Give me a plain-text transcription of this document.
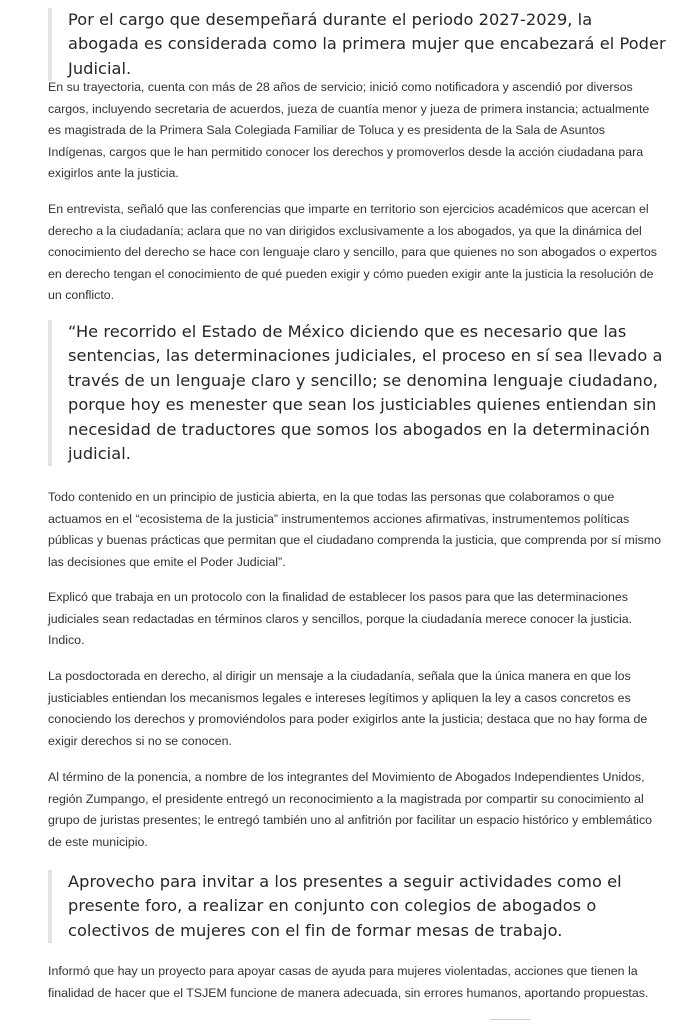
Por el cargo que desempeñará durante el periodo 2027-2029, la abogada es considerada como la primera mujer que encabezará el Poder Judicial.

En su trayectoria, cuenta con más de 28 años de servicio; inició como notificadora y ascendió por diversos cargos, incluyendo secretaria de acuerdos, jueza de cuantía menor y jueza de primera instancia; actualmente es magistrada de la Primera Sala Colegiada Familiar de Toluca y es presidenta de la Sala de Asuntos Indígenas, cargos que le han permitido conocer los derechos y promoverlos desde la acción ciudadana para exigirlos ante la justicia.

En entrevista, señaló que las conferencias que imparte en territorio son ejercicios académicos que acercan el derecho a la ciudadanía; aclara que no van dirigidos exclusivamente a los abogados, ya que la dinámica del conocimiento del derecho se hace con lenguaje claro y sencillo, para que quienes no son abogados o expertos en derecho tengan el conocimiento de qué pueden exigir y cómo pueden exigir ante la justicia la resolución de un conflicto.

“He recorrido el Estado de México diciendo que es necesario que las sentencias, las determinaciones judiciales, el proceso en sí sea llevado a través de un lenguaje claro y sencillo; se denomina lenguaje ciudadano, porque hoy es menester que sean los justiciables quienes entiendan sin necesidad de traductores que somos los abogados en la determinación judicial.

Todo contenido en un principio de justicia abierta, en la que todas las personas que colaboramos o que actuamos en el “ecosistema de la justicia” instrumentemos acciones afirmativas, instrumentemos políticas públicas y buenas prácticas que permitan que el ciudadano comprenda la justicia, que comprenda por sí mismo las decisiones que emite el Poder Judicial”.

Explicó que trabaja en un protocolo con la finalidad de establecer los pasos para que las determinaciones judiciales sean redactadas en términos claros y sencillos, porque la ciudadanía merece conocer la justicia. Indico.

La posdoctorada en derecho, al dirigir un mensaje a la ciudadanía, señala que la única manera en que los justiciables entiendan los mecanismos legales e intereses legítimos y apliquen la ley a casos concretos es conociendo los derechos y promoviéndolos para poder exigirlos ante la justicia; destaca que no hay forma de exigir derechos si no se conocen.

Al término de la ponencia, a nombre de los integrantes del Movimiento de Abogados Independientes Unidos, región Zumpango, el presidente entregó un reconocimiento a la magistrada por compartir su conocimiento al grupo de juristas presentes; le entregó también uno al anfitrión por facilitar un espacio histórico y emblemático de este municipio.

Aprovecho para invitar a los presentes a seguir actividades como el presente foro, a realizar en conjunto con colegios de abogados o colectivos de mujeres con el fin de formar mesas de trabajo.

Informó que hay un proyecto para apoyar casas de ayuda para mujeres violentadas, acciones que tienen la finalidad de hacer que el TSJEM funcione de manera adecuada, sin errores humanos, aportando propuestas.
